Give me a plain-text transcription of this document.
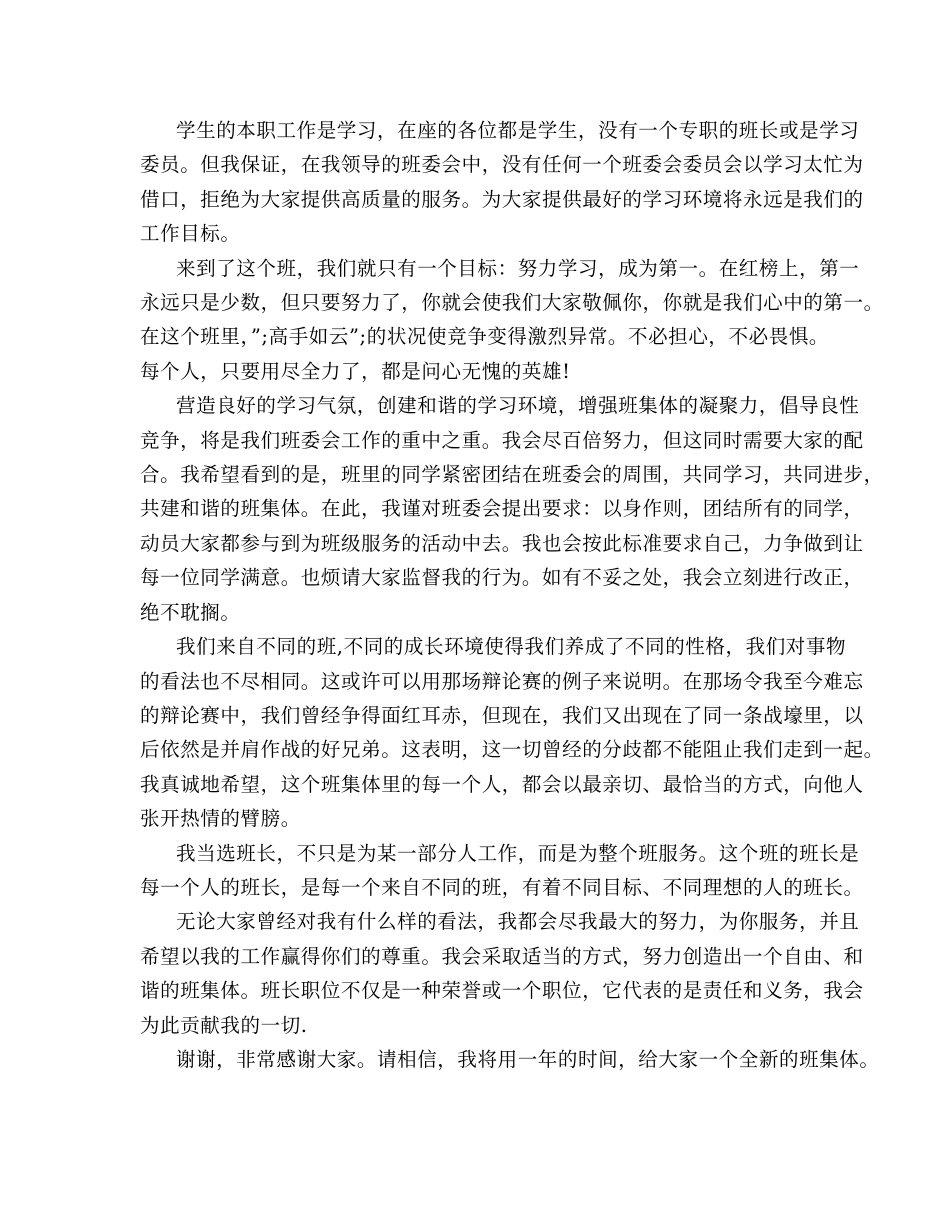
学生的本职工作是学习，在座的各位都是学生，没有一个专职的班长或是学习
委员。但我保证，在我领导的班委会中，没有任何一个班委会委员会以学习太忙为
借口，拒绝为大家提供高质量的服务。为大家提供最好的学习环境将永远是我们的
工作目标。
来到了这个班，我们就只有一个目标：努力学习，成为第一。在红榜上，第一
永远只是少数，但只要努力了，你就会使我们大家敬佩你，你就是我们心中的第一。
在这个班里，”;高手如云”;的状况使竞争变得激烈异常。不必担心，不必畏惧。
每个人，只要用尽全力了，都是问心无愧的英雄!
营造良好的学习气氛，创建和谐的学习环境，增强班集体的凝聚力，倡导良性
竞争，将是我们班委会工作的重中之重。我会尽百倍努力，但这同时需要大家的配
合。我希望看到的是，班里的同学紧密团结在班委会的周围，共同学习，共同进步，
共建和谐的班集体。在此，我谨对班委会提出要求：以身作则，团结所有的同学，
动员大家都参与到为班级服务的活动中去。我也会按此标准要求自己，力争做到让
每一位同学满意。也烦请大家监督我的行为。如有不妥之处，我会立刻进行改正，
绝不耽搁。
我们来自不同的班,不同的成长环境使得我们养成了不同的性格，我们对事物
的看法也不尽相同。这或许可以用那场辩论赛的例子来说明。在那场令我至今难忘
的辩论赛中，我们曾经争得面红耳赤，但现在，我们又出现在了同一条战壕里，以
后依然是并肩作战的好兄弟。这表明，这一切曾经的分歧都不能阻止我们走到一起。
我真诚地希望，这个班集体里的每一个人，都会以最亲切、最恰当的方式，向他人
张开热情的臂膀。
我当选班长，不只是为某一部分人工作，而是为整个班服务。这个班的班长是
每一个人的班长，是每一个来自不同的班，有着不同目标、不同理想的人的班长。
无论大家曾经对我有什么样的看法，我都会尽我最大的努力，为你服务，并且
希望以我的工作赢得你们的尊重。我会采取适当的方式，努力创造出一个自由、和
谐的班集体。班长职位不仅是一种荣誉或一个职位，它代表的是责任和义务，我会
为此贡献我的一切.
谢谢，非常感谢大家。请相信，我将用一年的时间，给大家一个全新的班集体。
